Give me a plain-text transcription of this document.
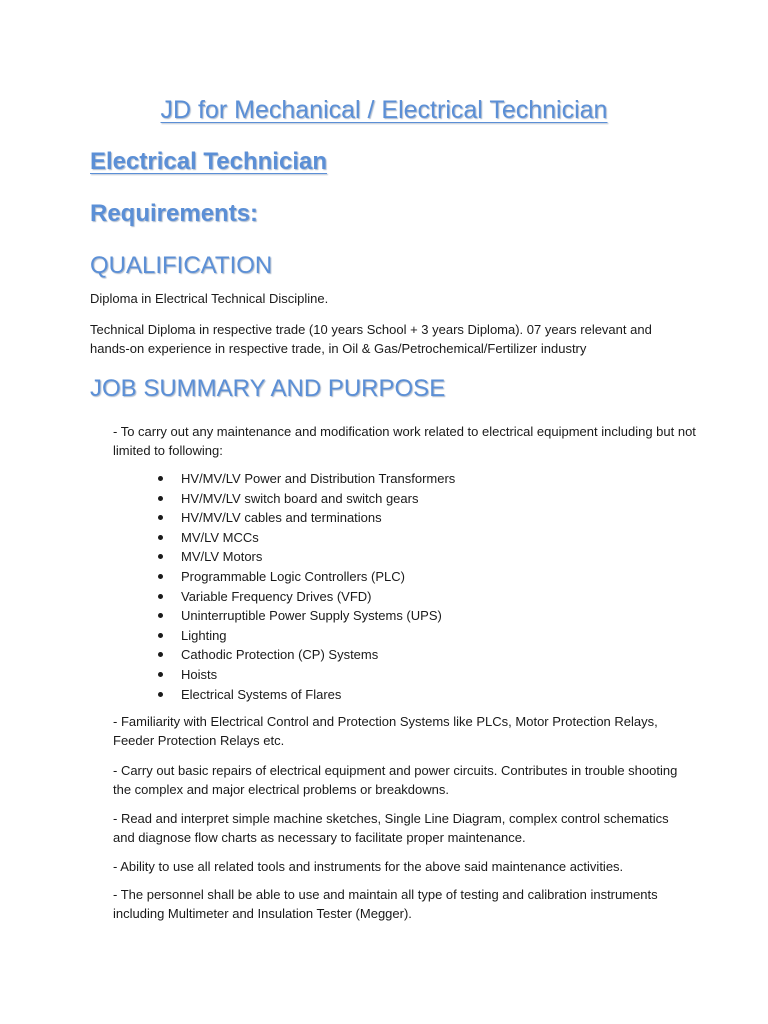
JD for Mechanical / Electrical Technician
Electrical Technician
Requirements:
QUALIFICATION
Diploma in Electrical Technical Discipline.
Technical Diploma in respective trade (10 years School + 3 years Diploma). 07 years relevant and hands-on experience in respective trade, in Oil & Gas/Petrochemical/Fertilizer industry
JOB SUMMARY AND PURPOSE
- To carry out any maintenance and modification work related to electrical equipment including but not limited to following:
HV/MV/LV Power and Distribution Transformers
HV/MV/LV switch board and switch gears
HV/MV/LV cables and terminations
MV/LV MCCs
MV/LV Motors
Programmable Logic Controllers (PLC)
Variable Frequency Drives (VFD)
Uninterruptible Power Supply Systems (UPS)
Lighting
Cathodic Protection (CP) Systems
Hoists
Electrical Systems of Flares
- Familiarity with Electrical Control and Protection Systems like PLCs, Motor Protection Relays, Feeder Protection Relays etc.
- Carry out basic repairs of electrical equipment and power circuits. Contributes in trouble shooting the complex and major electrical problems or breakdowns.
- Read and interpret simple machine sketches, Single Line Diagram, complex control schematics and diagnose flow charts as necessary to facilitate proper maintenance.
- Ability to use all related tools and instruments for the above said maintenance activities.
- The personnel shall be able to use and maintain all type of testing and calibration instruments including Multimeter and Insulation Tester (Megger).
